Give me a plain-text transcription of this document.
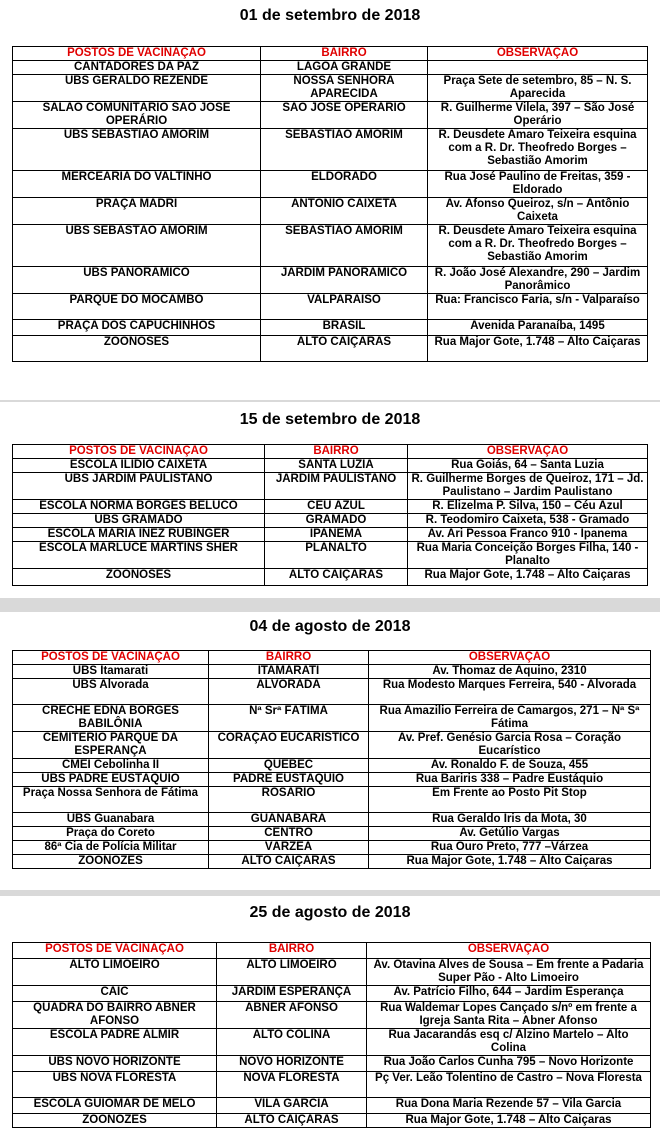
01 de setembro de 2018
15 de setembro de 2018
04 de agosto de 2018
25 de agosto de 2018
POSTOS DE VACINAÇÃO	BAIRRO	OBSERVAÇÃO
CANTADORES DA PAZ	LAGOA GRANDE	
UBS GERALDO REZENDE	NOSSA SENHORA APARECIDA	Praça Sete de setembro, 85 – N. S. Aparecida
SALÃO COMUNITÁRIO SÃO JOSÉ OPERÁRIO	SÃO JOSÉ OPERÁRIO	R. Guilherme Vilela, 397 – São José Operário
UBS SEBASTIÃO AMORIM	SEBASTIÃO AMORIM	R. Deusdete Amaro Teixeira esquina com a R. Dr. Theofredo Borges – Sebastião Amorim
MERCEARIA DO VALTINHO	ELDORADO	Rua José Paulino de Freitas, 359 - Eldorado
PRAÇA MADRI	ANTÔNIO CAIXETA	Av. Afonso Queiroz, s/n – Antônio Caixeta
UBS SEBASTÃO AMORIM	SEBASTIÃO AMORIM	R. Deusdete Amaro Teixeira esquina com a R. Dr. Theofredo Borges – Sebastião Amorim
UBS PANORÂMICO	JARDIM PANORAMICO	R. João José Alexandre, 290 – Jardim Panorâmico
PARQUE DO MOCAMBO	VALPARAISO	Rua: Francisco Faria, s/n - Valparaíso
PRAÇA DOS CAPUCHINHOS	BRASIL	Avenida Paranaíba, 1495
ZOONOSES	ALTO CAIÇARAS	Rua Major Gote, 1.748 – Alto Caiçaras
POSTOS DE VACINAÇÃO	BAIRRO	OBSERVAÇÃO
ESCOLA ILÍDIO CAIXETA	SANTA LUZIA	Rua Goiás, 64 – Santa Luzia
UBS JARDIM PAULISTANO	JARDIM PAULISTANO	R. Guilherme Borges de Queiroz, 171 – Jd. Paulistano – Jardim Paulistano
ESCOLA NORMA BORGES BELUCO	CÉU AZUL	R. Elizelma P. Silva, 150 – Céu Azul
UBS GRAMADO	GRAMADO	R. Teodomiro Caixeta, 538 - Gramado
ESCOLA MARIA INEZ RUBINGER	IPANEMA	Av. Ari Pessoa Franco 910 - Ipanema
ESCOLA MARLUCE MARTINS SHER	PLANALTO	Rua Maria Conceição Borges Filha, 140 - Planalto
ZOONOSES	ALTO CAIÇARAS	Rua Major Gote, 1.748 – Alto Caiçaras
POSTOS DE VACINAÇÃO	BAIRRO	OBSERVAÇÃO
UBS Itamarati	ITAMARATI	Av. Thomaz de Aquino, 2310
UBS Alvorada	ALVORADA	Rua Modesto Marques Ferreira, 540 - Alvorada
CRECHE EDNA BORGES BABILÔNIA	Nª Srª FÁTIMA	Rua Amazilio Ferreira de Camargos, 271 – Nª Sª Fátima
CEMITÉRIO PARQUE DA ESPERANÇA	CORAÇÃO EUCARÍSTICO	Av. Pref. Genésio Garcia Rosa – Coração Eucarístico
CMEI Cebolinha II	QUEBEC	Av. Ronaldo F. de Souza, 455
UBS PADRE EUSTÁQUIO	PADRE EUSTÁQUIO	Rua Bariris 338 – Padre Eustáquio
Praça Nossa Senhora de Fátima	ROSÁRIO	Em Frente ao Posto Pit Stop
UBS Guanabara	GUANABARA	Rua Geraldo Iris da Mota, 30
Praça do Coreto	CENTRO	Av. Getúlio Vargas
86ª Cia de Polícia Militar	VÁRZEA	Rua Ouro Preto, 777 –Várzea
ZOONOZES	ALTO CAIÇARAS	Rua Major Gote, 1.748 – Alto Caiçaras
POSTOS DE VACINAÇÃO	BAIRRO	OBSERVAÇÃO
ALTO LIMOEIRO	ALTO LIMOEIRO	Av. Otavina Alves de Sousa – Em frente a Padaria Super Pão - Alto Limoeiro
CAIC	JARDIM ESPERANÇA	Av. Patrício Filho, 644 – Jardim Esperança
QUADRA DO BAIRRO ABNER AFONSO	ABNER AFONSO	Rua Waldemar Lopes Cançado s/nº em frente a Igreja Santa Rita – Abner Afonso
ESCOLA PADRE ALMIR	ALTO COLINA	Rua Jacarandás esq c/ Alzino Martelo – Alto Colina
UBS NOVO HORIZONTE	NOVO HORIZONTE	Rua João Carlos Cunha 795 – Novo Horizonte
UBS NOVA FLORESTA	NOVA FLORESTA	Pç Ver. Leão Tolentino de Castro – Nova Floresta
ESCOLA GUIOMAR DE MELO	VILA GARCIA	Rua Dona Maria Rezende 57 – Vila Garcia
ZOONOZES	ALTO CAIÇARAS	Rua Major Gote, 1.748 – Alto Caiçaras
